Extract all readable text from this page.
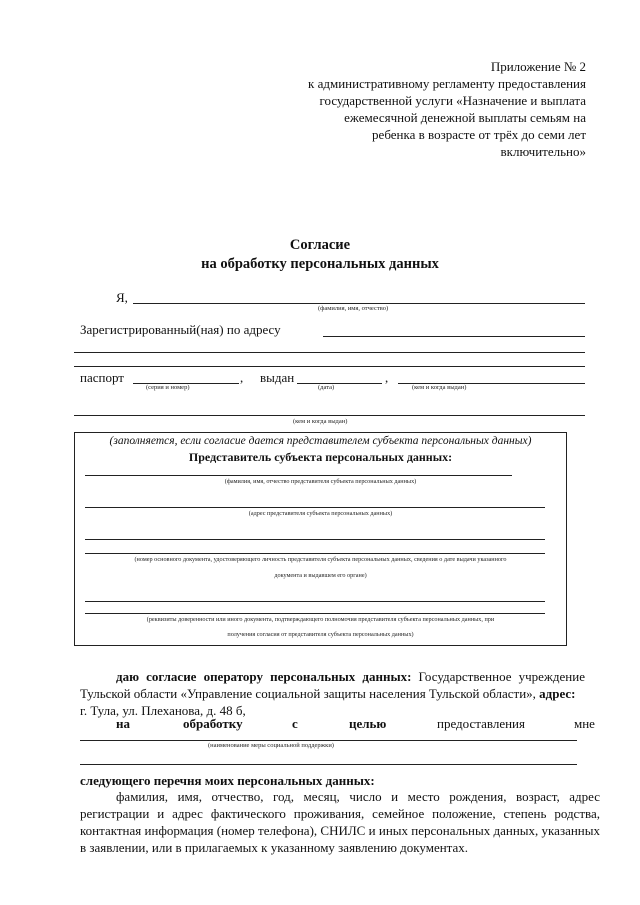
Приложение № 2
к административному регламенту предоставления
государственной услуги «Назначение и выплата
ежемесячной денежной выплаты семьям на
ребенка в возрасте от трёх до семи лет
включительно»
Согласие
на обработку персональных данных
Я,
(фамилия, имя, отчество)
Зарегистрированный(ная) по адресу
паспорт
(серия и номер)
, выдан
(дата)
,
(кем и когда выдан)
(кем и когда выдан)
(заполняется, если согласие дается представителем субъекта персональных данных)
Представитель субъекта персональных данных:
(фамилия, имя, отчество представителя субъекта персональных данных)
(адрес представителя субъекта персональных данных)
(номер основного документа, удостоверяющего личность представителя субъекта персональных данных, сведения о дате выдачи указанного
документа и выдавшем его органе)
(реквизиты доверенности или иного документа, подтверждающего полномочия представителя субъекта персональных данных, при
получения согласия от представителя субъекта персональных данных)
даю согласие оператору персональных данных: Государственное учреждение
Тульской области «Управление социальной защиты населения Тульской области», адрес:
г. Тула, ул. Плеханова, д. 48 б,
на	обработку	с	целью	предоставления	мне
(наименование меры социальной поддержки)
следующего перечня моих персональных данных:
фамилия, имя, отчество, год, месяц, число и место рождения, возраст, адрес
регистрации и адрес фактического проживания, семейное положение, степень родства,
контактная информация (номер телефона), СНИЛС и иных персональных данных, указанных
в заявлении, или в прилагаемых к указанному заявлению документах.
